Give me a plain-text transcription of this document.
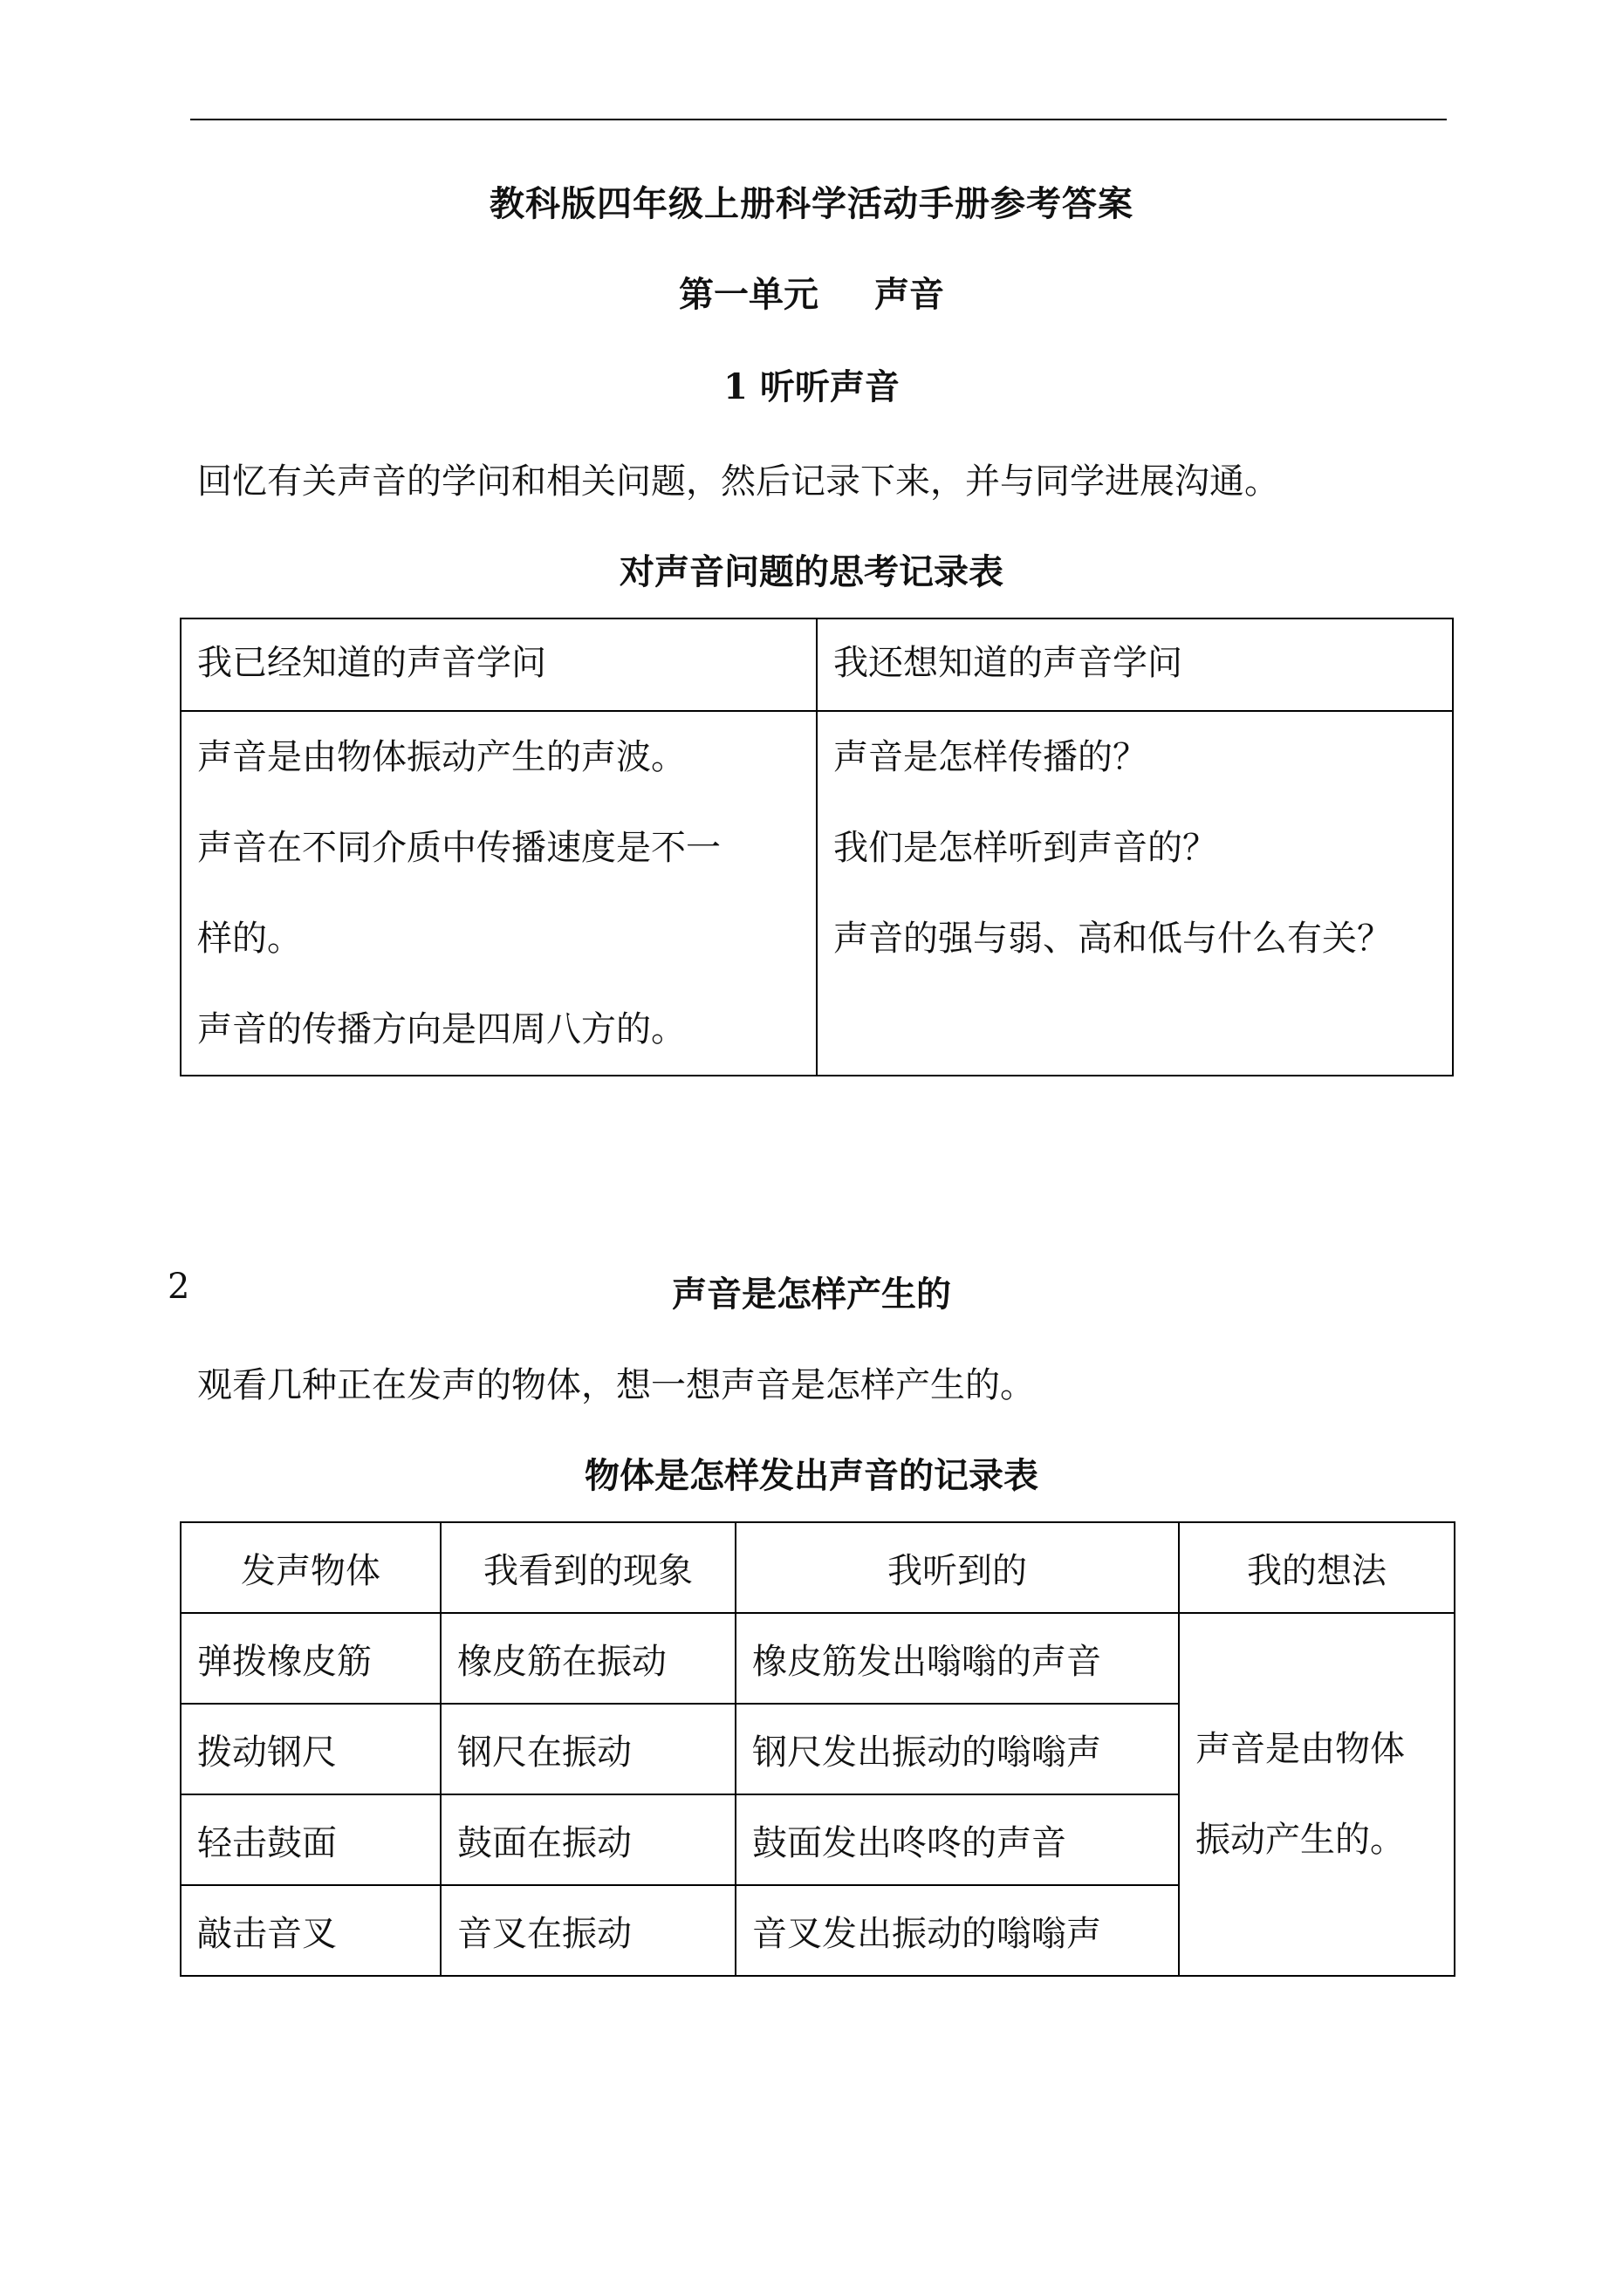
教科版四年级上册科学活动手册参考答案
第一单元 声音
1 听听声音
回忆有关声音的学问和相关问题，然后记录下来，并与同学进展沟通。
对声音问题的思考记录表
我已经知道的声音学问	我还想知道的声音学问

声音是由物体振动产生的声波。
声音在不同介质中传播速度是不一
样的。
声音的传播方向是四周八方的。	声音是怎样传播的？
我们是怎样听到声音的？
声音的强与弱、高和低与什么有关？
2	声音是怎样产生的
观看几种正在发声的物体，想一想声音是怎样产生的。
物体是怎样发出声音的记录表
发声物体	我看到的现象	我听到的	我的想法
弹拨橡皮筋	橡皮筋在振动	橡皮筋发出嗡嗡的声音	声音是由物体
振动产生的。

拨动钢尺	钢尺在振动	钢尺发出振动的嗡嗡声	
轻击鼓面	鼓面在振动	鼓面发出咚咚的声音	
敲击音叉	音叉在振动	音叉发出振动的嗡嗡声	
